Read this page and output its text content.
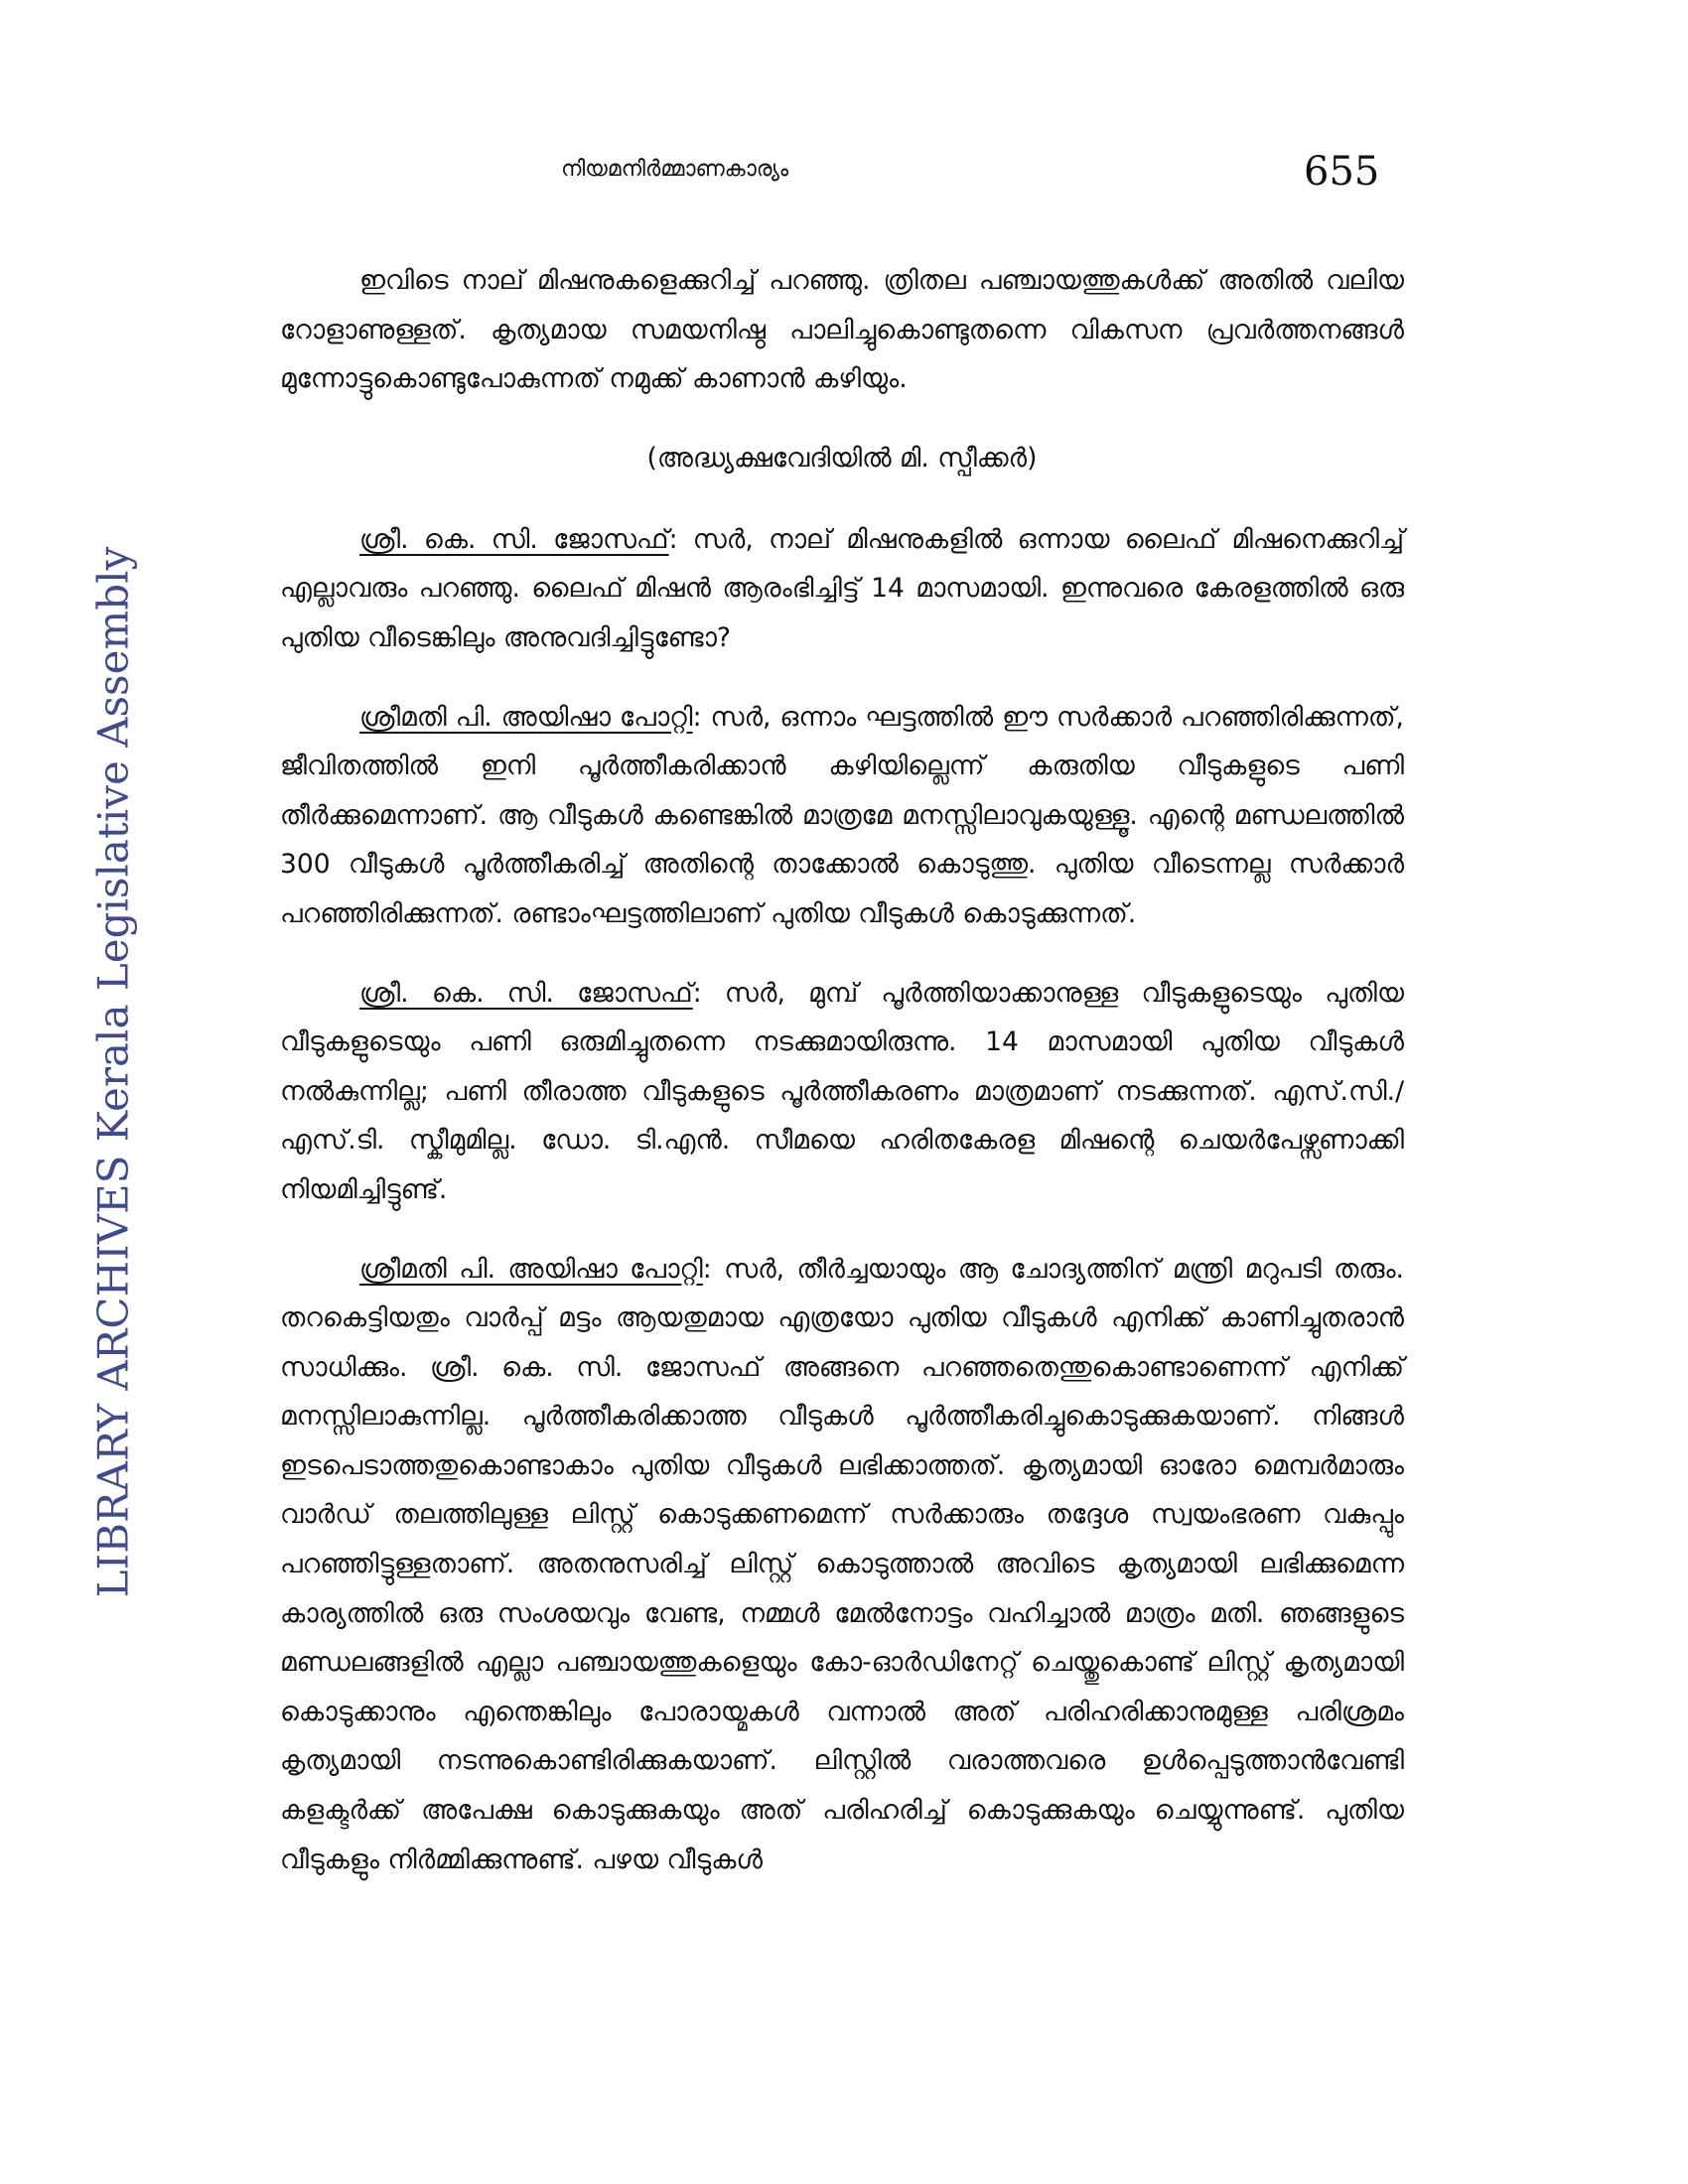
നിയമനിർമ്മാണകാര്യം	655
LIBRARY ARCHIVES Kerala Legislative Assembly

ഇവിടെ നാല് മിഷനുകളെക്കുറിച്ച് പറഞ്ഞു. ത്രിതല പഞ്ചായത്തുകൾക്ക് അതിൽ വലിയ റോളാണുള്ളത്. കൃത്യമായ സമയനിഷ്ഠ പാലിച്ചുകൊണ്ടുതന്നെ വികസന പ്രവർത്തനങ്ങൾ മുന്നോട്ടുകൊണ്ടുപോകുന്നത് നമുക്ക് കാണാൻ കഴിയും.

(അദ്ധ്യക്ഷവേദിയിൽ മി. സ്പീക്കർ)

ശ്രീ. കെ. സി. ജോസഫ്: സർ, നാല് മിഷനുകളിൽ ഒന്നായ ലൈഫ് മിഷനെക്കുറിച്ച് എല്ലാവരും പറഞ്ഞു. ലൈഫ് മിഷൻ ആരംഭിച്ചിട്ട് 14 മാസമായി. ഇന്നുവരെ കേരളത്തിൽ ഒരു പുതിയ വീടെങ്കിലും അനുവദിച്ചിട്ടുണ്ടോ?

ശ്രീമതി പി. അയിഷാ പോറ്റി: സർ, ഒന്നാം ഘട്ടത്തിൽ ഈ സർക്കാർ പറഞ്ഞിരിക്കുന്നത്, ജീവിതത്തിൽ ഇനി പൂർത്തീകരിക്കാൻ കഴിയില്ലെന്ന് കരുതിയ വീടുകളുടെ പണി തീർക്കുമെന്നാണ്. ആ വീടുകൾ കണ്ടെങ്കിൽ മാത്രമേ മനസ്സിലാവുകയുള്ളൂ. എന്റെ മണ്ഡലത്തിൽ 300 വീടുകൾ പൂർത്തീകരിച്ച് അതിന്റെ താക്കോൽ കൊടുത്തു. പുതിയ വീടെന്നല്ല സർക്കാർ പറഞ്ഞിരിക്കുന്നത്. രണ്ടാംഘട്ടത്തിലാണ് പുതിയ വീടുകൾ കൊടുക്കുന്നത്.

ശ്രീ. കെ. സി. ജോസഫ്: സർ, മുമ്പ് പൂർത്തിയാക്കാനുള്ള വീടുകളുടെയും പുതിയ വീടുകളുടെയും പണി ഒരുമിച്ചുതന്നെ നടക്കുമായിരുന്നു. 14 മാസമായി പുതിയ വീടുകൾ നൽകുന്നില്ല; പണി തീരാത്ത വീടുകളുടെ പൂർത്തീകരണം മാത്രമാണ് നടക്കുന്നത്. എസ്.സി./എസ്.ടി. സ്കീമുമില്ല. ഡോ. ടി.എൻ. സീമയെ ഹരിതകേരള മിഷന്റെ ചെയർപേഴ്സണാക്കി നിയമിച്ചിട്ടുണ്ട്.

ശ്രീമതി പി. അയിഷാ പോറ്റി: സർ, തീർച്ചയായും ആ ചോദ്യത്തിന് മന്ത്രി മറുപടി തരും. തറകെട്ടിയതും വാർപ്പ് മട്ടം ആയതുമായ എത്രയോ പുതിയ വീടുകൾ എനിക്ക് കാണിച്ചുതരാൻ സാധിക്കും. ശ്രീ. കെ. സി. ജോസഫ് അങ്ങനെ പറഞ്ഞതെന്തുകൊണ്ടാണെന്ന് എനിക്ക് മനസ്സിലാകുന്നില്ല. പൂർത്തീകരിക്കാത്ത വീടുകൾ പൂർത്തീകരിച്ചുകൊടുക്കുകയാണ്. നിങ്ങൾ ഇടപെടാത്തതുകൊണ്ടാകാം പുതിയ വീടുകൾ ലഭിക്കാത്തത്. കൃത്യമായി ഓരോ മെമ്പർമാരും വാർഡ് തലത്തിലുള്ള ലിസ്റ്റ് കൊടുക്കണമെന്ന് സർക്കാരും തദ്ദേശ സ്വയംഭരണ വകുപ്പും പറഞ്ഞിട്ടുള്ളതാണ്. അതനുസരിച്ച് ലിസ്റ്റ് കൊടുത്താൽ അവിടെ കൃത്യമായി ലഭിക്കുമെന്ന കാര്യത്തിൽ ഒരു സംശയവും വേണ്ട, നമ്മൾ മേൽനോട്ടം വഹിച്ചാൽ മാത്രം മതി. ഞങ്ങളുടെ മണ്ഡലങ്ങളിൽ എല്ലാ പഞ്ചായത്തുകളെയും കോ-ഓർഡിനേറ്റ് ചെയ്തുകൊണ്ട് ലിസ്റ്റ് കൃത്യമായി കൊടുക്കാനും എന്തെങ്കിലും പോരായ്മകൾ വന്നാൽ അത് പരിഹരിക്കാനുമുള്ള പരിശ്രമം കൃത്യമായി നടന്നുകൊണ്ടിരിക്കുകയാണ്. ലിസ്റ്റിൽ വരാത്തവരെ ഉൾപ്പെടുത്താൻവേണ്ടി കളക്ടർക്ക് അപേക്ഷ കൊടുക്കുകയും അത് പരിഹരിച്ച് കൊടുക്കുകയും ചെയ്യുന്നുണ്ട്. പുതിയ വീടുകളും നിർമ്മിക്കുന്നുണ്ട്. പഴയ വീടുകൾ
